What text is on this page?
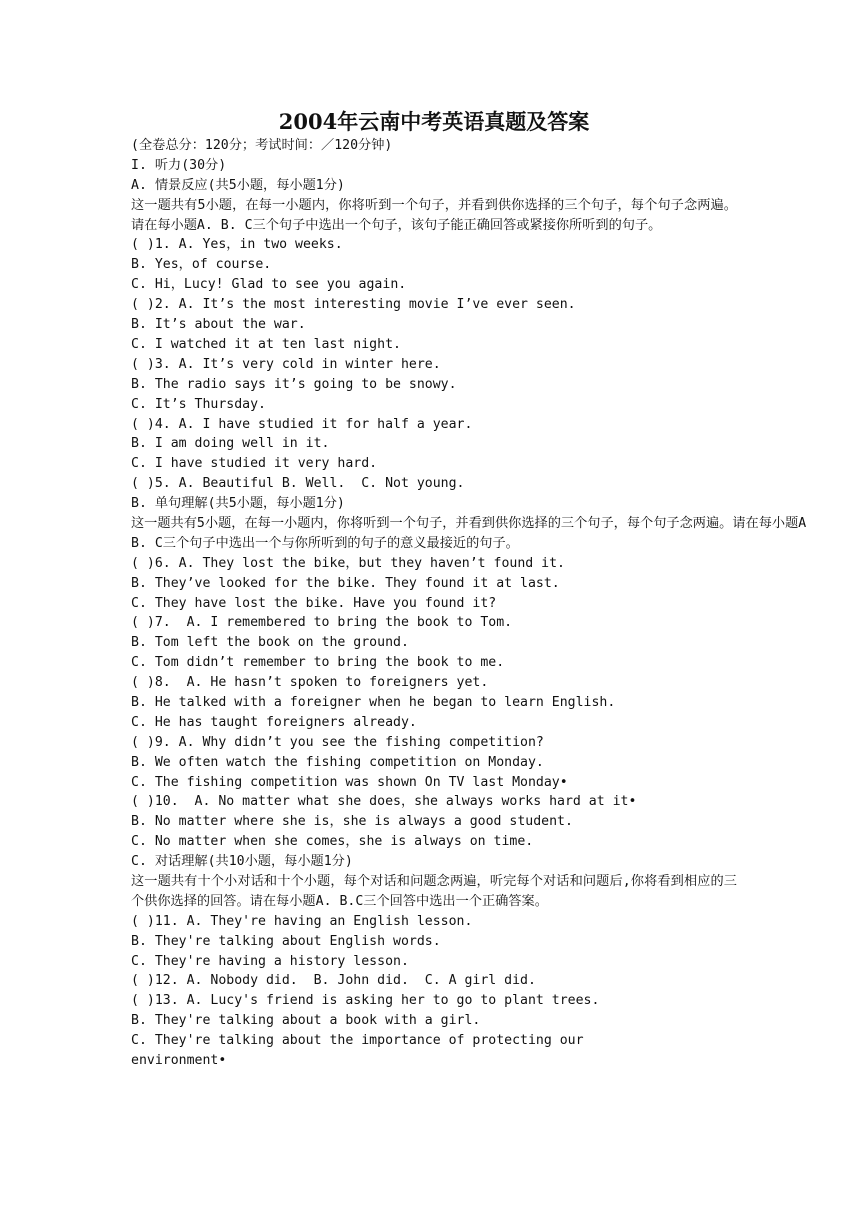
2004年云南中考英语真题及答案
(全卷总分：120分；考试时间：／120分钟)
I. 听力(30分)
A. 情景反应(共5小题，每小题1分)
这一题共有5小题，在每一小题内，你将听到一个句子，并看到供你选择的三个句子，每个句子念两遍。请在每小题A. B. C三个句子中选出一个句子，该句子能正确回答或紧接你所听到的句子。
( )1. A. Yes，in two weeks.
B. Yes，of course.
C. Hi，Lucy! Glad to see you again.
( )2. A. It’s the most interesting movie I’ve ever seen.
B. It’s about the war.
C. I watched it at ten last night.
( )3. A. It’s very cold in winter here.
B. The radio says it’s going to be snowy.
C. It’s Thursday.
( )4. A. I have studied it for half a year.
B. I am doing well in it.
C. I have studied it very hard.
( )5. A. Beautiful B. Well.  C. Not young.
B. 单句理解(共5小题，每小题1分)
这一题共有5小题，在每一小题内，你将听到一个句子，并看到供你选择的三个句子，每个句子念两遍。请在每小题A
B. C三个句子中选出一个与你所听到的句子的意义最接近的句子。
( )6. A. They lost the bike，but they haven’t found it.
B. They’ve looked for the bike. They found it at last.
C. They have lost the bike. Have you found it?
( )7.  A. I remembered to bring the book to Tom.
B. Tom left the book on the ground.
C. Tom didn’t remember to bring the book to me.
( )8.  A. He hasn’t spoken to foreigners yet.
B. He talked with a foreigner when he began to learn English.
C. He has taught foreigners already.
( )9. A. Why didn’t you see the fishing competition?
B. We often watch the fishing competition on Monday.
C. The fishing competition was shown On TV last Monday•
( )10.  A. No matter what she does，she always works hard at it•
B. No matter where she is，she is always a good student.
C. No matter when she comes，she is always on time.
C. 对话理解(共10小题，每小题1分)
这一题共有十个小对话和十个小题，每个对话和问题念两遍，听完每个对话和问题后,你将看到相应的三个供你选择的回答。请在每小题A. B.C三个回答中选出一个正确答案。
( )11. A. They're having an English lesson.
B. They're talking about English words.
C. They're having a history lesson.
( )12. A. Nobody did.  B. John did.  C. A girl did.
( )13. A. Lucy's friend is asking her to go to plant trees.
B. They're talking about a book with a girl.
C. They're talking about the importance of protecting our
environment•
